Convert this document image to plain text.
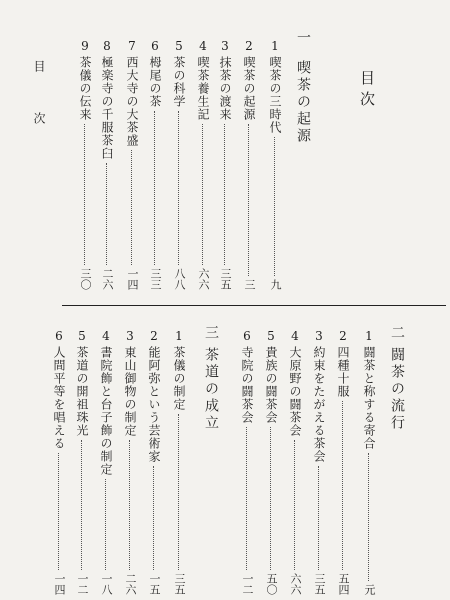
目次
目次
一
喫茶の起源
1
喫茶の三時代
九
2
喫茶の起源
三
3
抹茶の渡来
三五
4
喫茶養生記
六六
5
茶の科学
八八
6
栂尾の茶
三三
7
西大寺の大茶盛
一四
8
極楽寺の千服茶臼
二六
9
茶儀の伝来
三〇
二
闘茶の流行
1
闘茶と称する寄合
元
2
四種十服
五四
3
約束をたがえる茶会
三五
4
大原野の闘茶会
六六
5
貴族の闘茶会
五〇
6
寺院の闘茶会
一二
三
茶道の成立
1
茶儀の制定
三五
2
能阿弥という芸術家
一五
3
東山御物の制定
二六
4
書院飾と台子飾の制定
一八
5
茶道の開祖珠光
一二
6
人間平等を唱える
一四
